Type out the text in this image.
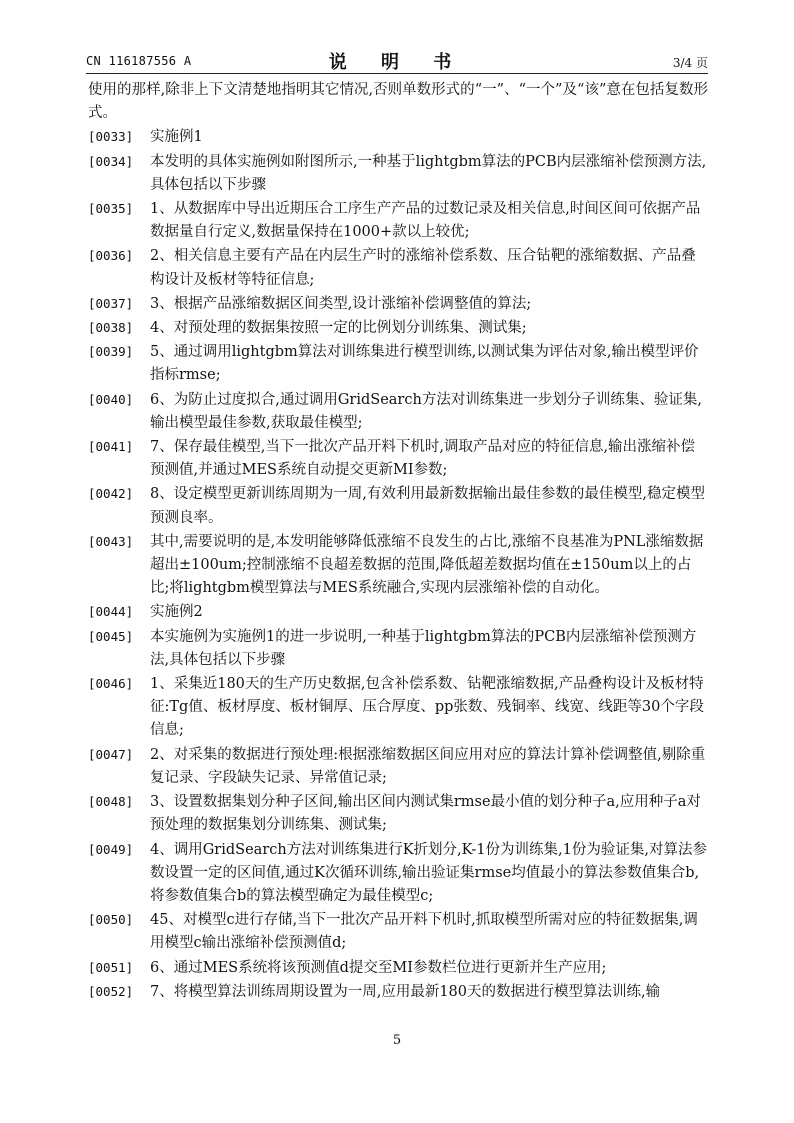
CN 116187556 A	说 明 书	3/4 页

使用的那样,除非上下文清楚地指明其它情况,否则单数形式的“一”、“一个”及“该”意在包括复数形式。

[0033] 实施例1

[0034] 本发明的具体实施例如附图所示,一种基于lightgbm算法的PCB内层涨缩补偿预测方法,具体包括以下步骤

[0035] 1、从数据库中导出近期压合工序生产产品的过数记录及相关信息,时间区间可依据产品数据量自行定义,数据量保持在1000+款以上较优;

[0036] 2、相关信息主要有产品在内层生产时的涨缩补偿系数、压合钻靶的涨缩数据、产品叠构设计及板材等特征信息;

[0037] 3、根据产品涨缩数据区间类型,设计涨缩补偿调整值的算法;

[0038] 4、对预处理的数据集按照一定的比例划分训练集、测试集;

[0039] 5、通过调用lightgbm算法对训练集进行模型训练,以测试集为评估对象,输出模型评价指标rmse;

[0040] 6、为防止过度拟合,通过调用GridSearch方法对训练集进一步划分子训练集、验证集,输出模型最佳参数,获取最佳模型;

[0041] 7、保存最佳模型,当下一批次产品开料下机时,调取产品对应的特征信息,输出涨缩补偿预测值,并通过MES系统自动提交更新MI参数;

[0042] 8、设定模型更新训练周期为一周,有效利用最新数据输出最佳参数的最佳模型,稳定模型预测良率。

[0043] 其中,需要说明的是,本发明能够降低涨缩不良发生的占比,涨缩不良基准为PNL涨缩数据超出±100um;控制涨缩不良超差数据的范围,降低超差数据均值在±150um以上的占比;将lightgbm模型算法与MES系统融合,实现内层涨缩补偿的自动化。

[0044] 实施例2

[0045] 本实施例为实施例1的进一步说明,一种基于lightgbm算法的PCB内层涨缩补偿预测方法,具体包括以下步骤

[0046] 1、采集近180天的生产历史数据,包含补偿系数、钻靶涨缩数据,产品叠构设计及板材特征:Tg值、板材厚度、板材铜厚、压合厚度、pp张数、残铜率、线宽、线距等30个字段信息;

[0047] 2、对采集的数据进行预处理:根据涨缩数据区间应用对应的算法计算补偿调整值,剔除重复记录、字段缺失记录、异常值记录;

[0048] 3、设置数据集划分种子区间,输出区间内测试集rmse最小值的划分种子a,应用种子a对预处理的数据集划分训练集、测试集;

[0049] 4、调用GridSearch方法对训练集进行K折划分,K-1份为训练集,1份为验证集,对算法参数设置一定的区间值,通过K次循环训练,输出验证集rmse均值最小的算法参数值集合b,将参数值集合b的算法模型确定为最佳模型c;

[0050] 45、对模型c进行存储,当下一批次产品开料下机时,抓取模型所需对应的特征数据集,调用模型c输出涨缩补偿预测值d;

[0051] 6、通过MES系统将该预测值d提交至MI参数栏位进行更新并生产应用;

[0052] 7、将模型算法训练周期设置为一周,应用最新180天的数据进行模型算法训练,输

5
